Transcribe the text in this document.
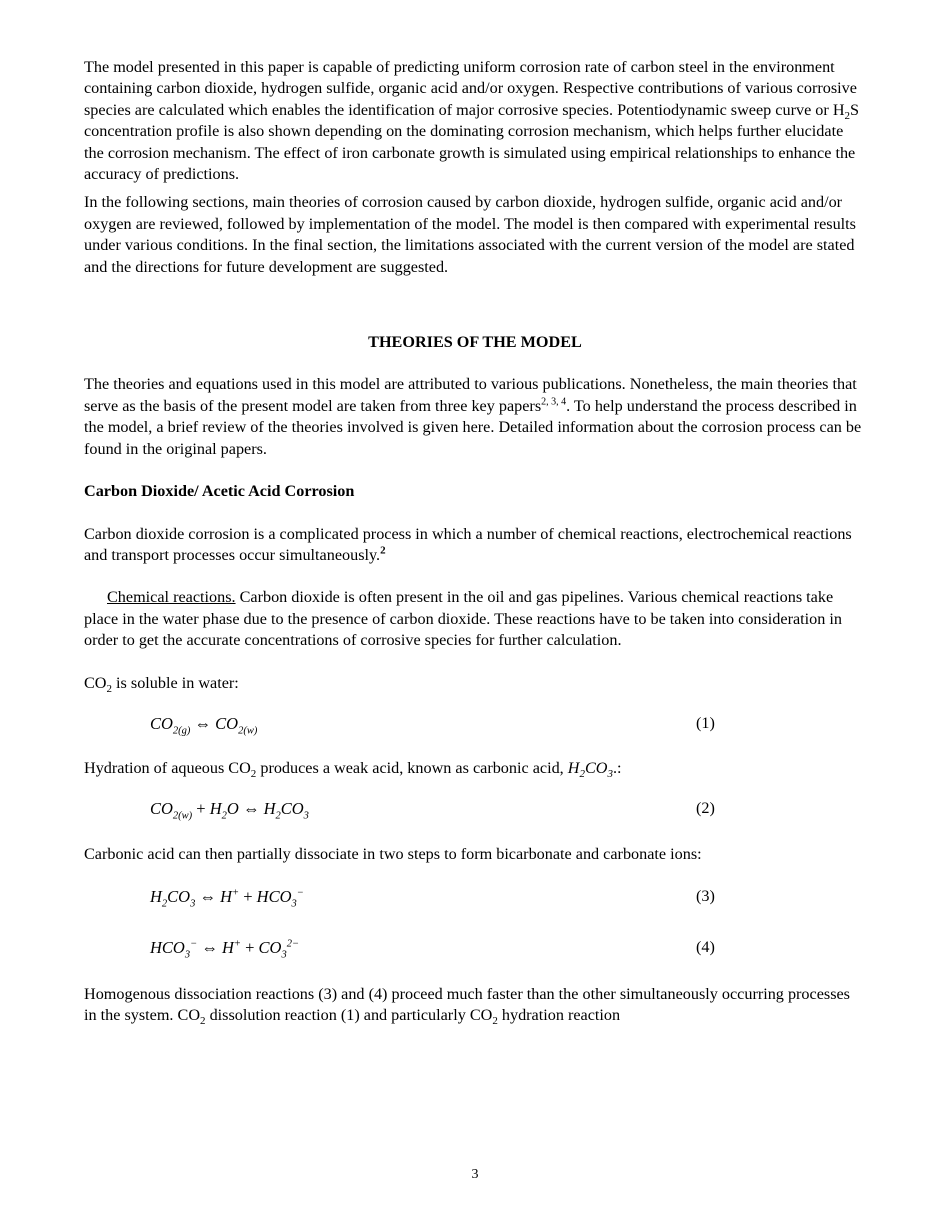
The model presented in this paper is capable of predicting uniform corrosion rate of carbon steel in the environment containing carbon dioxide, hydrogen sulfide, organic acid and/or oxygen. Respective contributions of various corrosive species are calculated which enables the identification of major corrosive species. Potentiodynamic sweep curve or $H_2S$ concentration profile is also shown depending on the dominating corrosion mechanism, which helps further elucidate the corrosion mechanism. The effect of iron carbonate growth is simulated using empirical relationships to enhance the accuracy of predictions.

In the following sections, main theories of corrosion caused by carbon dioxide, hydrogen sulfide, organic acid and/or oxygen are reviewed, followed by implementation of the model. The model is then compared with experimental results under various conditions. In the final section, the limitations associated with the current version of the model are stated and the directions for future development are suggested.

THEORIES OF THE MODEL

The theories and equations used in this model are attributed to various publications. Nonetheless, the main theories that serve as the basis of the present model are taken from three key papers$^{2, 3, 4}$. To help understand the process described in the model, a brief review of the theories involved is given here. Detailed information about the corrosion process can be found in the original papers.

Carbon Dioxide/ Acetic Acid Corrosion

Carbon dioxide corrosion is a complicated process in which a number of chemical reactions, electrochemical reactions and transport processes occur simultaneously.$^2$

Chemical reactions. Carbon dioxide is often present in the oil and gas pipelines. Various chemical reactions take place in the water phase due to the presence of carbon dioxide. These reactions have to be taken into consideration in order to get the accurate concentrations of corrosive species for further calculation.

$CO_2$ is soluble in water:

$CO_{2(g)}$ ⇔ $CO_{2(w)}$	(1)

Hydration of aqueous $CO_2$ produces a weak acid, known as carbonic acid, $H_2CO_3$.:

$CO_{2(w)} + H_2O$ ⇔ $H_2CO_3$	(2)

Carbonic acid can then partially dissociate in two steps to form bicarbonate and carbonate ions:

$H_2CO_3$ ⇔ $H^+ + HCO_3^-$	(3)
$HCO_3^-$ ⇔ $H^+ + CO_3^{2-}$	(4)

Homogenous dissociation reactions (3) and (4) proceed much faster than the other simultaneously occurring processes in the system. $CO_2$ dissolution reaction (1) and particularly $CO_2$ hydration reaction

3
